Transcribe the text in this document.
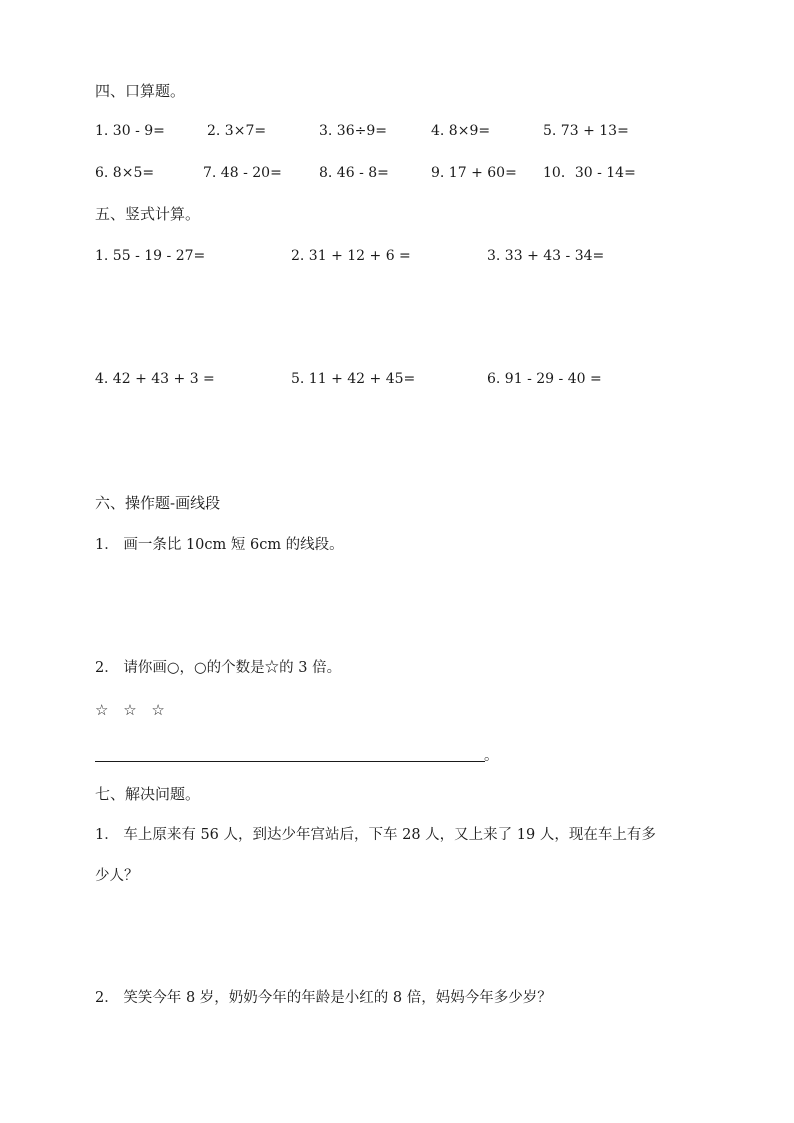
四、口算题。
1. 30 - 9=	2. 3×7=	3. 36÷9=	4. 8×9=	5. 73 + 13=
6. 8×5=	7. 48 - 20=	8. 46 - 8=	9. 17 + 60= 10．30 - 14=
五、竖式计算。
1. 55 - 19 - 27=	2. 31 + 12 + 6 =	3. 33 + 43 - 34=
4. 42 + 43 + 3 =	5. 11 + 42 + 45=	6. 91 - 29 - 40 =
六、操作题-画线段
1． 画一条比 10cm 短 6cm 的线段。
2． 请你画○，○的个数是☆的 3 倍。
☆ ☆ ☆
。
七、解决问题。
1． 车上原来有 56 人，到达少年宫站后，下车 28 人，又上来了 19 人，现在车上有多
少人？
2． 笑笑今年 8 岁，奶奶今年的年龄是小红的 8 倍，妈妈今年多少岁？
